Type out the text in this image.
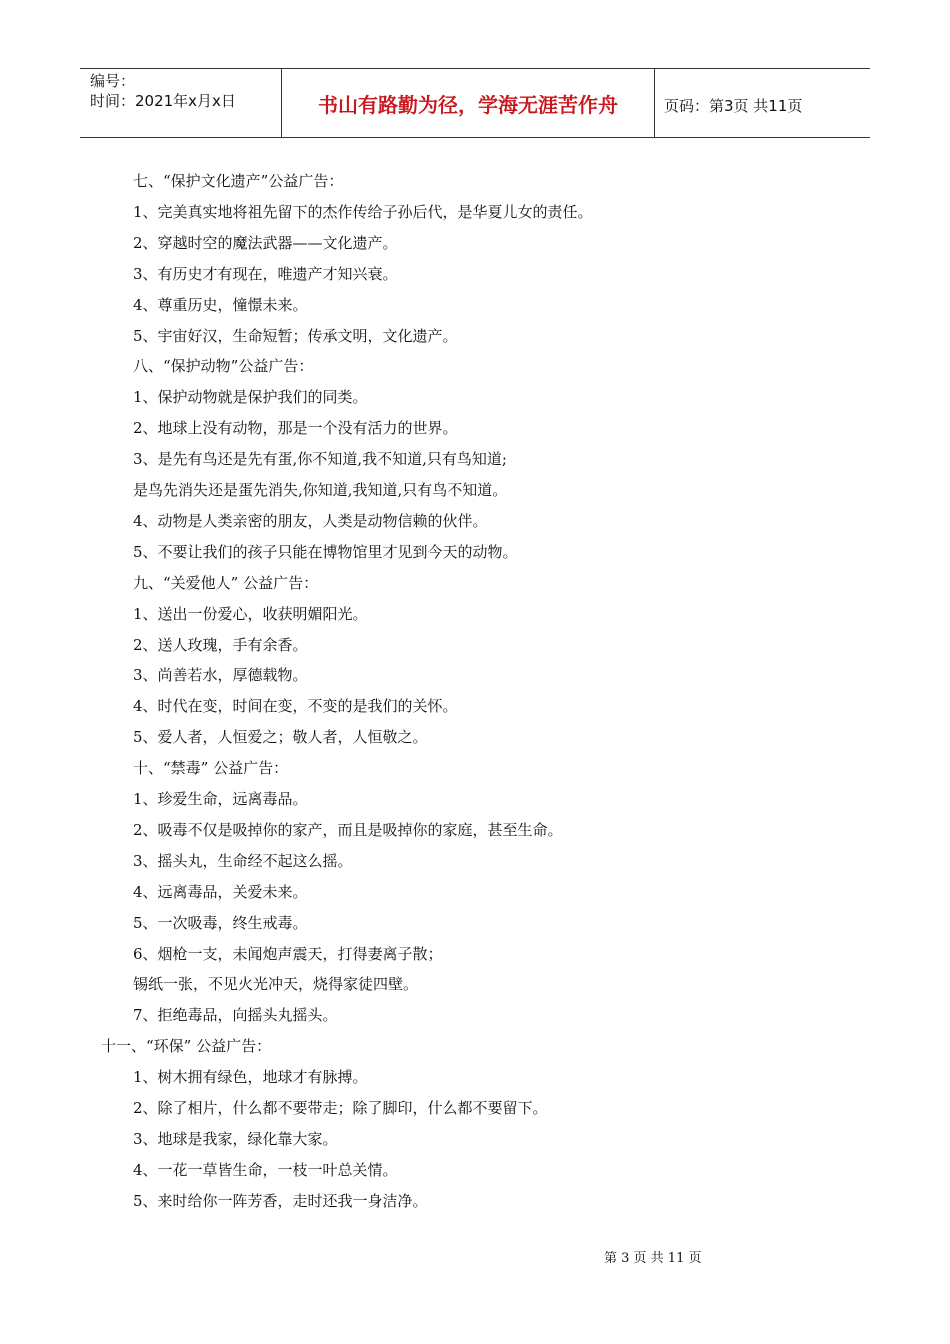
编号：
时间：2021年x月x日	书山有路勤为径，学海无涯苦作舟	页码：第3页 共11页
七、“保护文化遗产”公益广告：
1、完美真实地将祖先留下的杰作传给子孙后代，是华夏儿女的责任。
2、穿越时空的魔法武器——文化遗产。
3、有历史才有现在，唯遗产才知兴衰。
4、尊重历史，憧憬未来。
5、宇宙好汉，生命短暂；传承文明，文化遗产。
八、“保护动物”公益广告：
1、保护动物就是保护我们的同类。
2、地球上没有动物，那是一个没有活力的世界。
3、是先有鸟还是先有蛋,你不知道,我不知道,只有鸟知道;
是鸟先消失还是蛋先消失,你知道,我知道,只有鸟不知道。
4、动物是人类亲密的朋友，人类是动物信赖的伙伴。
5、不要让我们的孩子只能在博物馆里才见到今天的动物。
九、“关爱他人” 公益广告：
1、送出一份爱心，收获明媚阳光。
2、送人玫瑰，手有余香。
3、尚善若水，厚德载物。
4、时代在变，时间在变，不变的是我们的关怀。
5、爱人者，人恒爱之；敬人者，人恒敬之。
十、“禁毒” 公益广告：
1、珍爱生命，远离毒品。
2、吸毒不仅是吸掉你的家产，而且是吸掉你的家庭，甚至生命。
3、摇头丸，生命经不起这么摇。
4、远离毒品，关爱未来。
5、一次吸毒，终生戒毒。
6、烟枪一支，未闻炮声震天，打得妻离子散；
锡纸一张，不见火光冲天，烧得家徒四壁。
7、拒绝毒品，向摇头丸摇头。
十一、“环保” 公益广告：
1、树木拥有绿色，地球才有脉搏。
2、除了相片，什么都不要带走；除了脚印，什么都不要留下。
3、地球是我家，绿化靠大家。
4、一花一草皆生命，一枝一叶总关情。
5、来时给你一阵芳香，走时还我一身洁净。
第 3 页 共 11 页
